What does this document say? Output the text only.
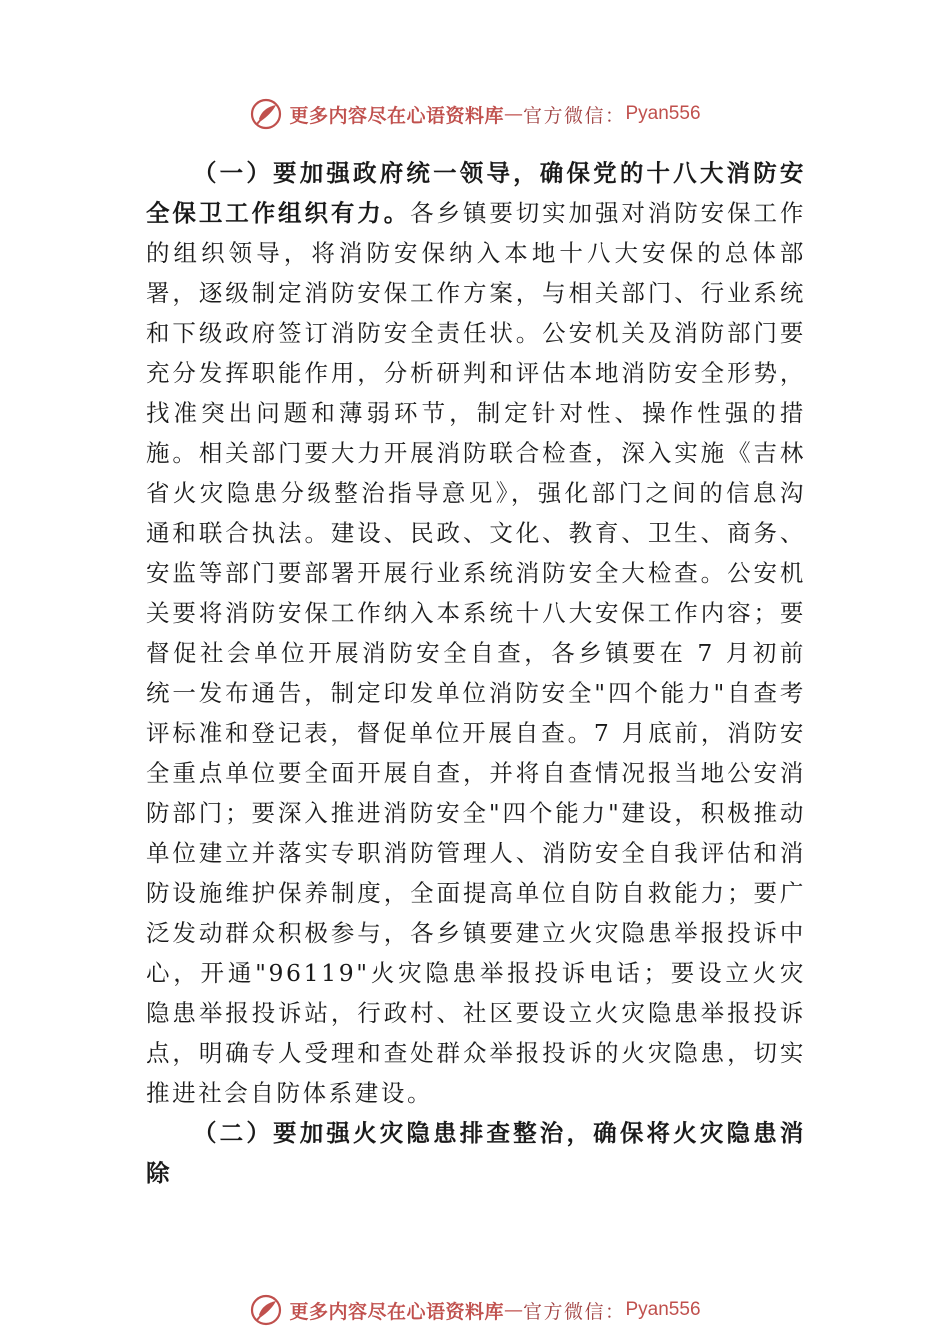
更多内容尽在心语资料库 — 官方微信： Pyan556

（一）要加强政府统一领导，确保党的十八大消防安全保卫工作组织有力。各乡镇要切实加强对消防安保工作的组织领导，将消防安保纳入本地十八大安保的总体部署，逐级制定消防安保工作方案，与相关部门、行业系统和下级政府签订消防安全责任状。公安机关及消防部门要充分发挥职能作用，分析研判和评估本地消防安全形势，找准突出问题和薄弱环节，制定针对性、操作性强的措施。相关部门要大力开展消防联合检查，深入实施《吉林省火灾隐患分级整治指导意见》，强化部门之间的信息沟通和联合执法。建设、民政、文化、教育、卫生、商务、安监等部门要部署开展行业系统消防安全大检查。公安机关要将消防安保工作纳入本系统十八大安保工作内容；要督促社会单位开展消防安全自查，各乡镇要在 7 月初前统一发布通告，制定印发单位消防安全"四个能力"自查考评标准和登记表，督促单位开展自查。7 月底前，消防安全重点单位要全面开展自查，并将自查情况报当地公安消防部门；要深入推进消防安全"四个能力"建设，积极推动单位建立并落实专职消防管理人、消防安全自我评估和消防设施维护保养制度，全面提高单位自防自救能力；要广泛发动群众积极参与，各乡镇要建立火灾隐患举报投诉中心，开通"96119"火灾隐患举报投诉电话；要设立火灾隐患举报投诉站，行政村、社区要设立火灾隐患举报投诉点，明确专人受理和查处群众举报投诉的火灾隐患，切实推进社会自防体系建设。

（二）要加强火灾隐患排查整治，确保将火灾隐患消除

更多内容尽在心语资料库 — 官方微信： Pyan556
